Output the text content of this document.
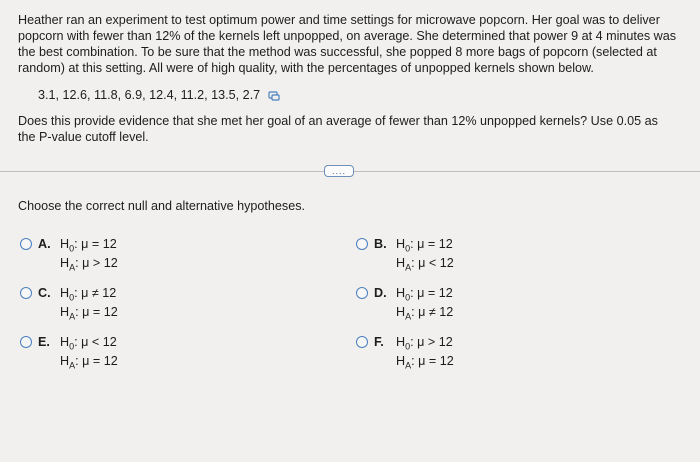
Heather ran an experiment to test optimum power and time settings for microwave popcorn. Her goal was to deliver popcorn with fewer than 12% of the kernels left unpopped, on average. She determined that power 9 at 4 minutes was the best combination. To be sure that the method was successful, she popped 8 more bags of popcorn (selected at random) at this setting. All were of high quality, with the percentages of unpopped kernels shown below.
3.1, 12.6, 11.8, 6.9, 12.4, 11.2, 13.5, 2.7
Does this provide evidence that she met her goal of an average of fewer than 12% unpopped kernels? Use 0.05 as the P-value cutoff level.
....
Choose the correct null and alternative hypotheses.
A. $H_0$: μ = 12
$H_A$: μ > 12
B. $H_0$: μ = 12
$H_A$: μ < 12
C. $H_0$: μ ≠ 12
$H_A$: μ = 12
D. $H_0$: μ = 12
$H_A$: μ ≠ 12
E. $H_0$: μ < 12
$H_A$: μ = 12
F. $H_0$: μ > 12
$H_A$: μ = 12
